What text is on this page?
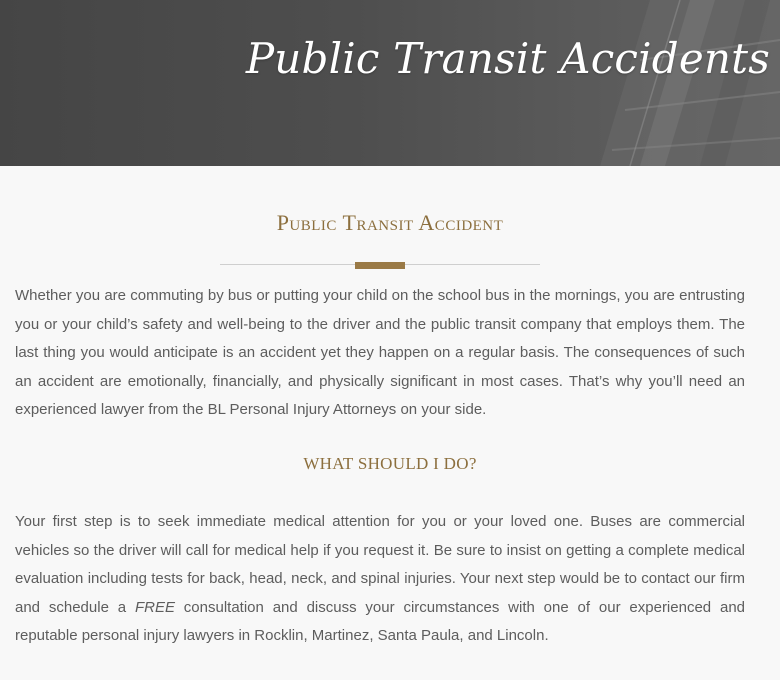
Public Transit Accidents
Public Transit Accident

Whether you are commuting by bus or putting your child on the school bus in the mornings, you are entrusting you or your child’s safety and well-being to the driver and the public transit company that employs them. The last thing you would anticipate is an accident yet they happen on a regular basis. The consequences of such an accident are emotionally, financially, and physically significant in most cases. That’s why you’ll need an experienced lawyer from the BL Personal Injury Attorneys on your side.

WHAT SHOULD I DO?

Your first step is to seek immediate medical attention for you or your loved one. Buses are commercial vehicles so the driver will call for medical help if you request it. Be sure to insist on getting a complete medical evaluation including tests for back, head, neck, and spinal injuries. Your next step would be to contact our firm and schedule a FREE consultation and discuss your circumstances with one of our experienced and reputable personal injury lawyers in Rocklin, Martinez, Santa Paula, and Lincoln.
